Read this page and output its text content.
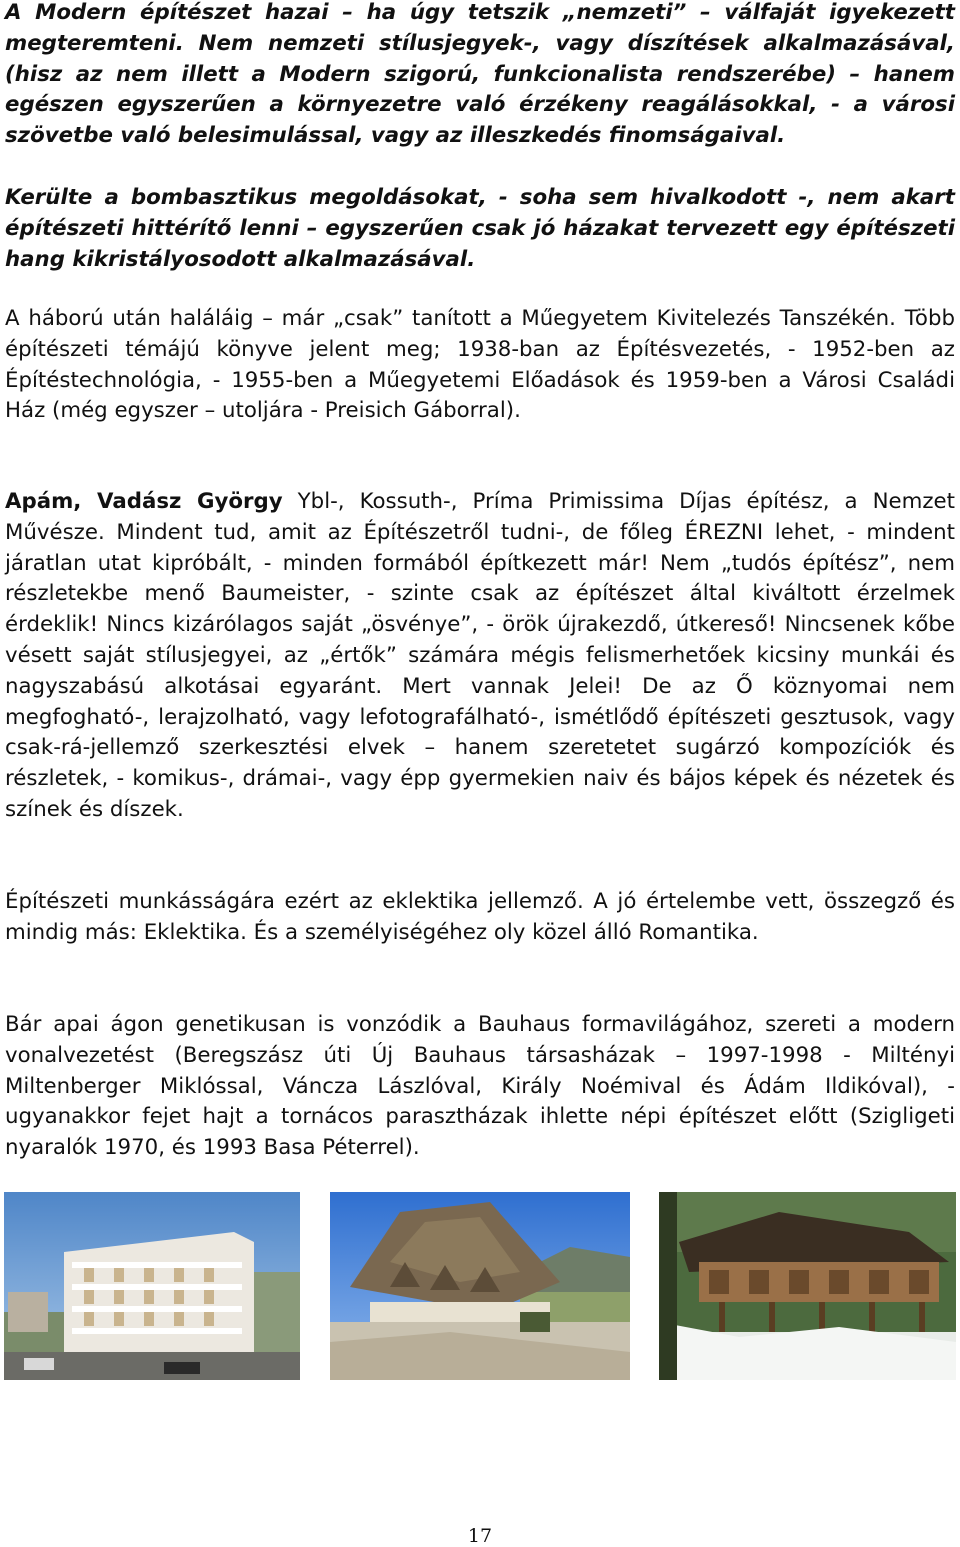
A Modern építészet hazai – ha úgy tetszik „nemzeti” – válfaját igyekezett megteremteni. Nem nemzeti stílusjegyek-, vagy díszítések alkalmazásával, (hisz az nem illett a Modern szigorú, funkcionalista rendszerébe) – hanem egészen egyszerűen a környezetre való érzékeny reagálásokkal, - a városi szövetbe való belesimulással, vagy az illeszkedés finomságaival.

Kerülte a bombasztikus megoldásokat, - soha sem hivalkodott -, nem akart építészeti hittérítő lenni – egyszerűen csak jó házakat tervezett egy építészeti hang kikristályosodott alkalmazásával.

A háború után haláláig – már „csak” tanított a Műegyetem Kivitelezés Tanszékén. Több építészeti témájú könyve jelent meg; 1938-ban az Építésvezetés, - 1952-ben az Építéstechnológia, - 1955-ben a Műegyetemi Előadások és 1959-ben a Városi Családi Ház (még egyszer – utoljára - Preisich Gáborral).

Apám, Vadász György Ybl-, Kossuth-, Príma Primissima Díjas építész, a Nemzet Művésze. Mindent tud, amit az Építészetről tudni-, de főleg ÉREZNI lehet, - mindent járatlan utat kipróbált, - minden formából építkezett már! Nem „tudós építész”, nem részletekbe menő Baumeister, - szinte csak az építészet által kiváltott érzelmek érdeklik! Nincs kizárólagos saját „ösvénye”, - örök újrakezdő, útkereső! Nincsenek kőbe vésett saját stílusjegyei, az „értők” számára mégis felismerhetőek kicsiny munkái és nagyszabású alkotásai egyaránt. Mert vannak Jelei! De az Ő köznyomai nem megfogható-, lerajzolható, vagy lefotografálható-, ismétlődő építészeti gesztusok, vagy csak-rá-jellemző szerkesztési elvek – hanem szeretetet sugárzó kompozíciók és részletek, - komikus-, drámai-, vagy épp gyermekien naiv és bájos képek és nézetek és színek és díszek.

Építészeti munkásságára ezért az eklektika jellemző. A jó értelembe vett, összegző és mindig más: Eklektika. És a személyiségéhez oly közel álló Romantika.

Bár apai ágon genetikusan is vonzódik a Bauhaus formavilágához, szereti a modern vonalvezetést (Beregszász úti Új Bauhaus társasházak – 1997-1998 - Miltényi Miltenberger Miklóssal, Váncza Lászlóval, Király Noémival és Ádám Ildikóval), - ugyanakkor fejet hajt a tornácos parasztházak ihlette népi építészet előtt (Szigligeti nyaralók 1970, és 1993 Basa Péterrel).

17
